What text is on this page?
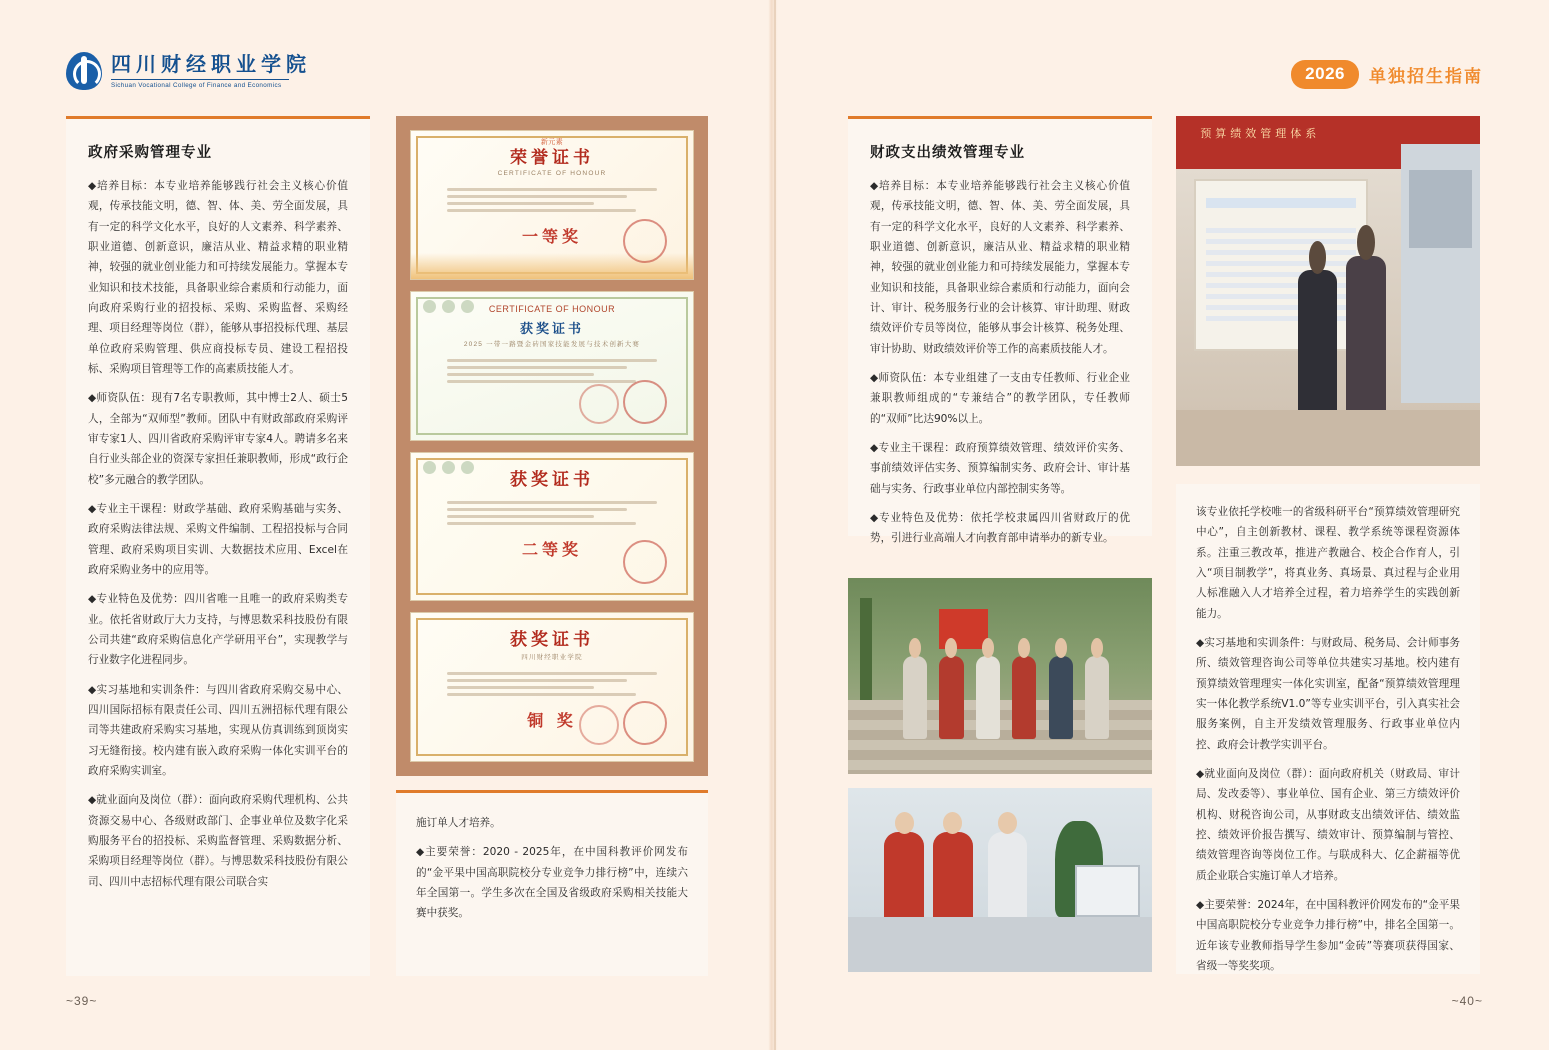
四川财经职业学院
Sichuan Vocational College of Finance and Economics
2026	单独招生指南
政府采购管理专业

◆培养目标：本专业培养能够践行社会主义核心价值观，传承技能文明，德、智、体、美、劳全面发展，具有一定的科学文化水平，良好的人文素养、科学素养、职业道德、创新意识，廉洁从业、精益求精的职业精神，较强的就业创业能力和可持续发展能力。掌握本专业知识和技术技能，具备职业综合素质和行动能力，面向政府采购行业的招投标、采购、采购监督、采购经理、项目经理等岗位（群），能够从事招投标代理、基层单位政府采购管理、供应商投标专员、建设工程招投标、采购项目管理等工作的高素质技能人才。

◆师资队伍：现有7名专职教师，其中博士2人、硕士5人，全部为“双师型”教师。团队中有财政部政府采购评审专家1人、四川省政府采购评审专家4人。聘请多名来自行业头部企业的资深专家担任兼职教师，形成“政行企校”多元融合的教学团队。

◆专业主干课程：财政学基础、政府采购基础与实务、政府采购法律法规、采购文件编制、工程招投标与合同管理、政府采购项目实训、大数据技术应用、Excel在政府采购业务中的应用等。

◆专业特色及优势：四川省唯一且唯一的政府采购类专业。依托省财政厅大力支持，与博思数采科技股份有限公司共建“政府采购信息化产学研用平台”，实现教学与行业数字化进程同步。

◆实习基地和实训条件：与四川省政府采购交易中心、四川国际招标有限责任公司、四川五洲招标代理有限公司等共建政府采购实习基地，实现从仿真训练到顶岗实习无缝衔接。校内建有嵌入政府采购一体化实训平台的政府采购实训室。

◆就业面向及岗位（群）：面向政府采购代理机构、公共资源交易中心、各级财政部门、企事业单位及数字化采购服务平台的招投标、采购监督管理、采购数据分析、采购项目经理等岗位（群）。与博思数采科技股份有限公司、四川中志招标代理有限公司联合实

新元素
荣誉证书
CERTIFICATE OF HONOUR
一等奖
CERTIFICATE OF HONOUR
获奖证书
2025 一带一路暨金砖国家技能发展与技术创新大赛
获奖证书
二等奖
获奖证书
四川财经职业学院
铜 奖

施订单人才培养。

◆主要荣誉：2020 - 2025年，在中国科教评价网发布的“金平果中国高职院校分专业竞争力排行榜”中，连续六年全国第一。学生多次在全国及省级政府采购相关技能大赛中获奖。

财政支出绩效管理专业

◆培养目标：本专业培养能够践行社会主义核心价值观，传承技能文明，德、智、体、美、劳全面发展，具有一定的科学文化水平，良好的人文素养、科学素养、职业道德、创新意识，廉洁从业、精益求精的职业精神，较强的就业创业能力和可持续发展能力，掌握本专业知识和技能，具备职业综合素质和行动能力，面向会计、审计、税务服务行业的会计核算、审计助理、财政绩效评价专员等岗位，能够从事会计核算、税务处理、审计协助、财政绩效评价等工作的高素质技能人才。

◆师资队伍：本专业组建了一支由专任教师、行业企业兼职教师组成的“专兼结合”的教学团队，专任教师的“双师”比达90%以上。

◆专业主干课程：政府预算绩效管理、绩效评价实务、事前绩效评估实务、预算编制实务、政府会计、审计基础与实务、行政事业单位内部控制实务等。

◆专业特色及优势：依托学校隶属四川省财政厅的优势，引进行业高端人才向教育部申请举办的新专业。

预算绩效管理体系

该专业依托学校唯一的省级科研平台“预算绩效管理研究中心”，自主创新教材、课程、教学系统等课程资源体系。注重三教改革，推进产教融合、校企合作育人，引入“项目制教学”，将真业务、真场景、真过程与企业用人标准融入人才培养全过程，着力培养学生的实践创新能力。

◆实习基地和实训条件：与财政局、税务局、会计师事务所、绩效管理咨询公司等单位共建实习基地。校内建有预算绩效管理理实一体化实训室，配备“预算绩效管理理实一体化教学系统V1.0”等专业实训平台，引入真实社会服务案例，自主开发绩效管理服务、行政事业单位内控、政府会计教学实训平台。

◆就业面向及岗位（群）：面向政府机关（财政局、审计局、发改委等）、事业单位、国有企业、第三方绩效评价机构、财税咨询公司，从事财政支出绩效评估、绩效监控、绩效评价报告撰写、绩效审计、预算编制与管控、绩效管理咨询等岗位工作。与联成科大、亿企薪福等优质企业联合实施订单人才培养。

◆主要荣誉：2024年，在中国科教评价网发布的“金平果中国高职院校分专业竞争力排行榜”中，排名全国第一。近年该专业教师指导学生参加“金砖”等赛项获得国家、省级一等奖奖项。

~39~	~40~
